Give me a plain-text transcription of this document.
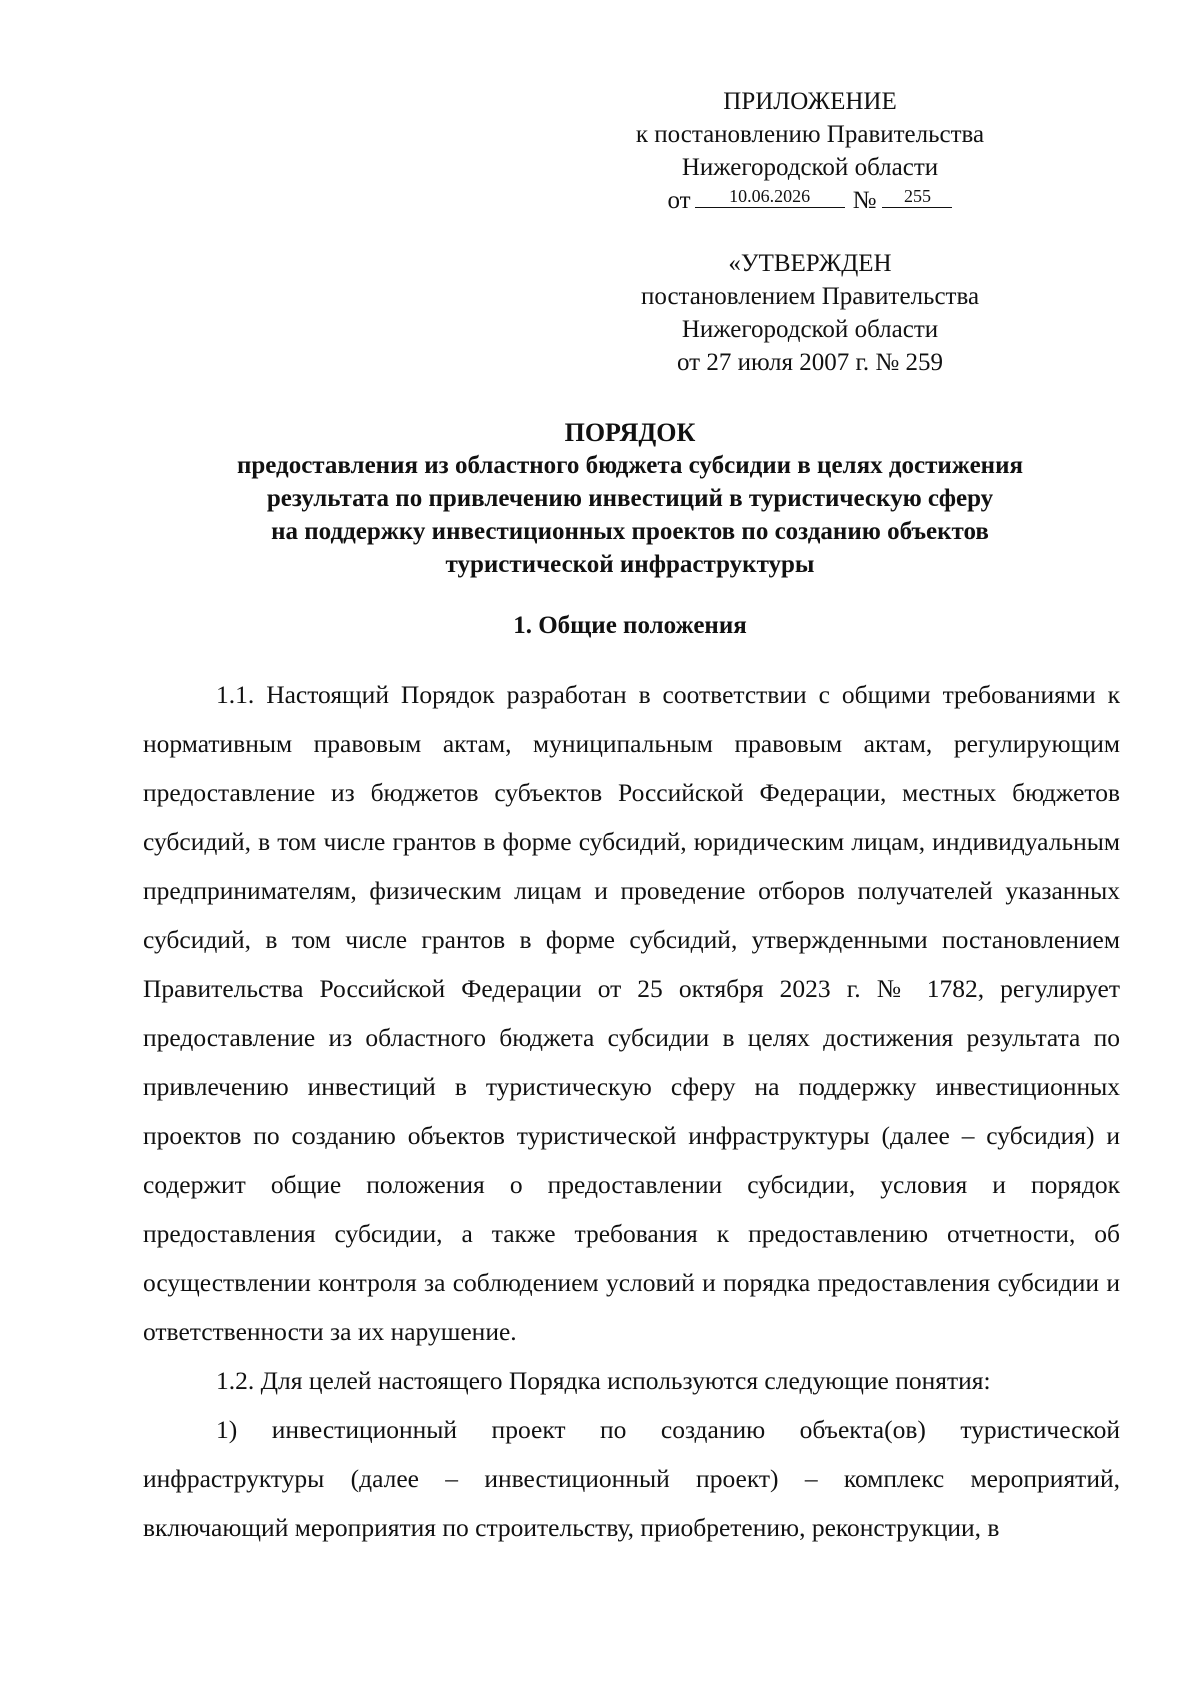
ПРИЛОЖЕНИЕ
к постановлению Правительства
Нижегородской области
от 10.06.2026 № 255
«УТВЕРЖДЕН
постановлением Правительства
Нижегородской области
от 27 июля 2007 г. № 259
ПОРЯДОК
предоставления из областного бюджета субсидии в целях достижения
результата по привлечению инвестиций в туристическую сферу
на поддержку инвестиционных проектов по созданию объектов
туристической инфраструктуры
1. Общие положения

1.1. Настоящий Порядок разработан в соответствии с общими требованиями к нормативным правовым актам, муниципальным правовым актам, регулирующим предоставление из бюджетов субъектов Российской Федерации, местных бюджетов субсидий, в том числе грантов в форме субсидий, юридическим лицам, индивидуальным предпринимателям, физическим лицам и проведение отборов получателей указанных субсидий, в том числе грантов в форме субсидий, утвержденными постановлением Правительства Российской Федерации от 25 октября 2023 г. № 1782, регулирует предоставление из областного бюджета субсидии в целях достижения результата по привлечению инвестиций в туристическую сферу на поддержку инвестиционных проектов по созданию объектов туристической инфраструктуры (далее – субсидия) и содержит общие положения о предоставлении субсидии, условия и порядок предоставления субсидии, а также требования к предоставлению отчетности, об осуществлении контроля за соблюдением условий и порядка предоставления субсидии и ответственности за их нарушение.

1.2. Для целей настоящего Порядка используются следующие понятия:

1) инвестиционный проект по созданию объекта(ов) туристической инфраструктуры (далее – инвестиционный проект) – комплекс мероприятий, включающий мероприятия по строительству, приобретению, реконструкции, в
